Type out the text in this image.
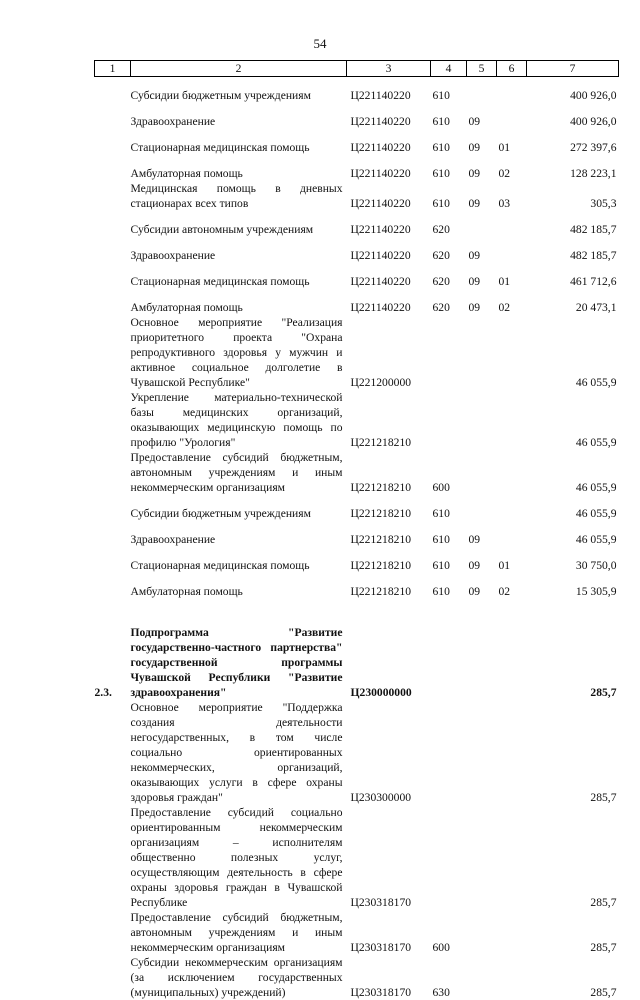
54
1	2	3	4	5	6	7
	Субсидии бюджетным учреждениям	Ц221140220	610			400 926,0
	Здравоохранение	Ц221140220	610	09		400 926,0
	Стационарная медицинская помощь	Ц221140220	610	09	01	272 397,6
	Амбулаторная помощь	Ц221140220	610	09	02	128 223,1
	Медицинская помощь в дневных стационарах всех типов	Ц221140220	610	09	03	305,3
	Субсидии автономным учреждениям	Ц221140220	620			482 185,7
	Здравоохранение	Ц221140220	620	09		482 185,7
	Стационарная медицинская помощь	Ц221140220	620	09	01	461 712,6
	Амбулаторная помощь	Ц221140220	620	09	02	20 473,1
	Основное мероприятие "Реализация приоритетного проекта "Охрана репродуктивного здоровья у мужчин и активное социальное долголетие в Чувашской Республике"	Ц221200000				46 055,9
	Укрепление материально-технической базы медицинских организаций, оказывающих медицинскую помощь по профилю "Урология"	Ц221218210				46 055,9
	Предоставление субсидий бюджетным, автономным учреждениям и иным некоммерческим организациям	Ц221218210	600			46 055,9
	Субсидии бюджетным учреждениям	Ц221218210	610			46 055,9
	Здравоохранение	Ц221218210	610	09		46 055,9
	Стационарная медицинская помощь	Ц221218210	610	09	01	30 750,0
	Амбулаторная помощь	Ц221218210	610	09	02	15 305,9
2.3.	Подпрограмма "Развитие государственно-частного партнерства" государственной программы Чувашской Республики "Развитие здравоохранения"	Ц230000000				285,7
	Основное мероприятие "Поддержка создания деятельности негосударственных, в том числе социально ориентированных некоммерческих, организаций, оказывающих услуги в сфере охраны здоровья граждан"	Ц230300000				285,7
	Предоставление субсидий социально ориентированным некоммерческим организациям – исполнителям общественно полезных услуг, осуществляющим деятельность в сфере охраны здоровья граждан в Чувашской Республике	Ц230318170				285,7
	Предоставление субсидий бюджетным, автономным учреждениям и иным некоммерческим организациям	Ц230318170	600			285,7
	Субсидии некоммерческим организациям (за исключением государственных (муниципальных) учреждений)	Ц230318170	630			285,7
